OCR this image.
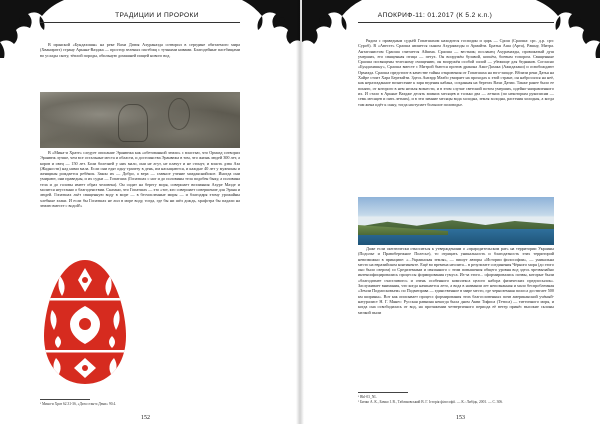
ТРАДИЦИИ И ПРОРОКИ

В иранской «Бундахишн» на реке Вахи Датия Ахураназда сотворил в середине обитаемого мира (Хваниратэ) страну Арьяна-Ваэджа — простор зеленых пастбищ с тучными нивами. Благодейные пастбищами во услады скоту, тёплой породы, обильную домашней пищей нового вод.

В «Мина-и Храте» следует описание Эранвежа как «обетованной земли» с властью, что Ормазд сотворил Эранвеж лучше, чем все остальные места и области, и достоинства Эранвежа в том, что жизнь людей 300 лет, а коров и овец — 150 лет. Боли болезней у них мало, они не лгут, не плачут и не стонут, и власть дэва Аза (Жадности) над ними мала. Если они едят одну трапезу в день, им насыщаются, и каждые 40 лет у мужчины и женщины рождается ребёнок. Закон их — Добро, а вера — главное учение маздаяснийское. Иногда они умирают, они праведны, и их судьи — Гопатшах (Гопатшах с ног и до половины тела подобен быку, а половина тела и до головы имеет образ человека). Он сидит на берегу моря, совершает возлияния Ахуре Мазде и молится неустанно о благоденствии. Сказано, что Гопатшах — это «тот, кто совершает совершение для Эрана и людей. Гопатшах льёт священную воду в море — в бесчисленные миры — и благодаря этому урожайны хлебные злаки. И если бы Гопатшах не лил в море воду, тогда, где бы ни шёл дождь, храфстра бы падали на землю вместе с водой!»

¹ Мина-и Храт 62.31-36, «Дата стан-и Дени» 90.4.
152
АПОКРИФ-11: 01.2017 (К 5.2 к.п.)

Рядом с праведным судьёй Гопатшахом находится господин и царь — Срош (Сраоша: срс. д.р. срэ: Суроб). В «Авесте» Сраоша является сыном Ахурамазды и Армайти. Братья Аша (Арта), Рашну, Митра. Антагонистом Сраоша считается Айшма. Сраоша — вестник; посланец Ахурамазды, провожатый душ умерших, его священная птица — петух. Он вооружён булавой, копьём, боевым топором. Священные Сраоша посвящены телесному очищению, он вооружён особой силой — убежище для бедняков. Согласно «Бундахишну», Сраоша вместе с Митрой бьются против дракона Ажи-Дахака (Ажидахаки) и освобождают Ормазда. Сраоша предстоит в качестве тайны откровения от Гопатшаха на юго-западе. Вблизи реки Датья на Хайре стоит Хара Березайти. Здесь Антарр Махбо умирает на проходах к этой стране, он набросился на неё, как неразгаданное вознесение к заря ведения кабана, созданная на берегах Вахи Датии. Также ранее было ее понято, от которого в нем нельзя вознести, и в этом случае светский потом умерших, идейно-направленного их. И стало в Арьяне Ваэдже десять зимних месяцев и только два — летних (по некоторым рукописям — семь месяцев и пять летних), и в эти зимние месяцы вода холодна, земля холодна, растения холодны, а когда там жена идёт к сыну, тогда наступает большое половодье.

Даже если скептически относиться к утверждениям о «прародительском рае» на территории Украины (Подолье и Правобережное Полесье), то отрицать уникальность и благодатность этих территорий невозможно в принципе: «...Украинская земля», — пишут авторы «Истории философии», — уникальна место на евразийском континенте. Ещё во времена неолита... в результате соединения Чёрного моря (до этого оно было озером) со Средиземным и связанного с этим повышения общего уровня вод здесь чрезвычайно интенсифицировались процессы формирования гумуса. Из-за этого... сформировались почвы, которые были «благодатнее счастливого» и очень особенного комплекса целого набора физических предпосылок». Заслуживает внимания, что когда начинается лето, а вода в названии лет непознанная и мало беспроблемная «Земли Подмосковьем» по Подмеправа — единственное в мире место, где черноземная полоса достигает 500 км ширины». Вот как описывает процесс формирования этих благословенных почв американский учёный-натуралист Н. Г. Мянес: Русская равнина некогда была дном Акви Тифиса (Тетиса) — титтичного моря, и когда она освободилась от вод, на протяжении четвертичного периода её ветер принёс высокие склоны мелкой пыли

¹ Bbl-03_NL
² Бичко А. К., Бичко І. В., Табачковський В. Г. Історія філософії. — К.: Либідь, 2001. — С. 306.
153
